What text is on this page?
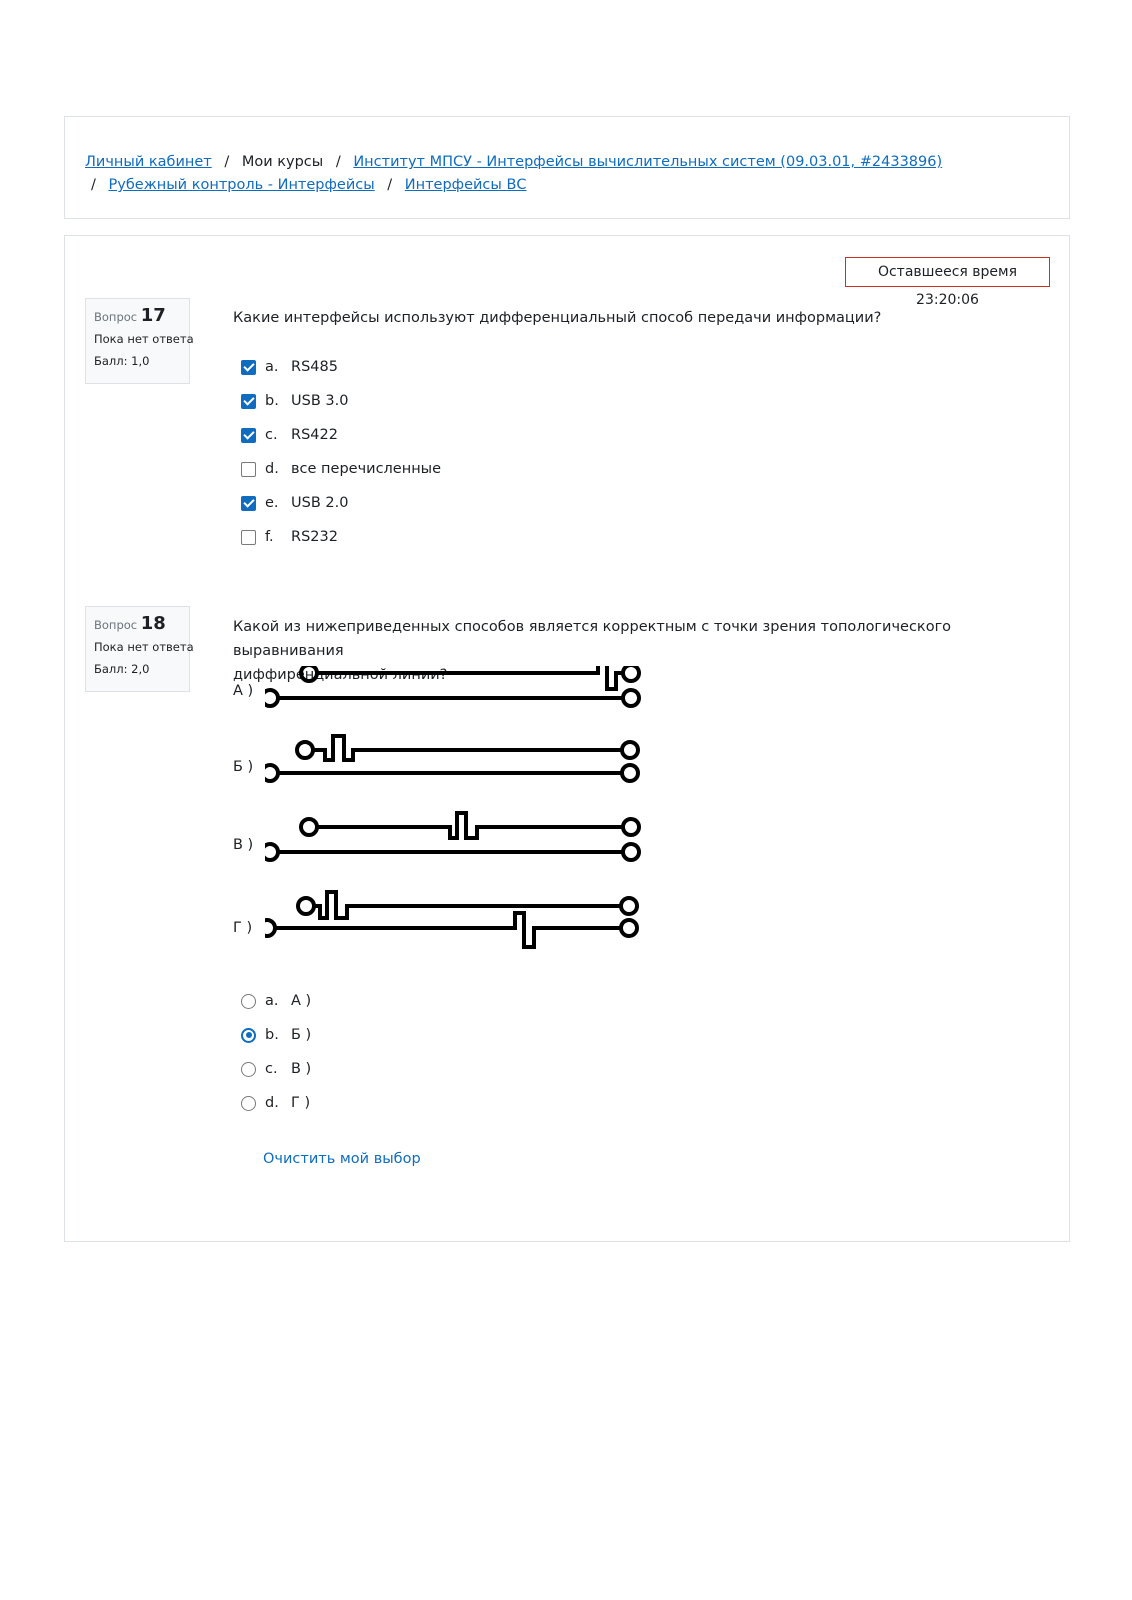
Личный кабинет / Мои курсы / Институт МПСУ - Интерфейсы вычислительных систем (09.03.01, #2433896)
/ Рубежный контроль - Интерфейсы / Интерфейсы ВС
Оставшееся время 23:20:06
Вопрос 17
Пока нет ответа
Балл: 1,0
Какие интерфейсы используют дифференциальный способ передачи информации?
a. RS485
b. USB 3.0
c. RS422
d. все перечисленные
e. USB 2.0
f.	RS232
Вопрос 18
Пока нет ответа
Балл: 2,0
Какой из нижеприведенных способов является корректным с точки зрения топологического выравнивания
диффиренциальной линии?
А )
Б )
В )
Г )
a. А )
b. Б )
c. В )
d. Г )
Очистить мой выбор
